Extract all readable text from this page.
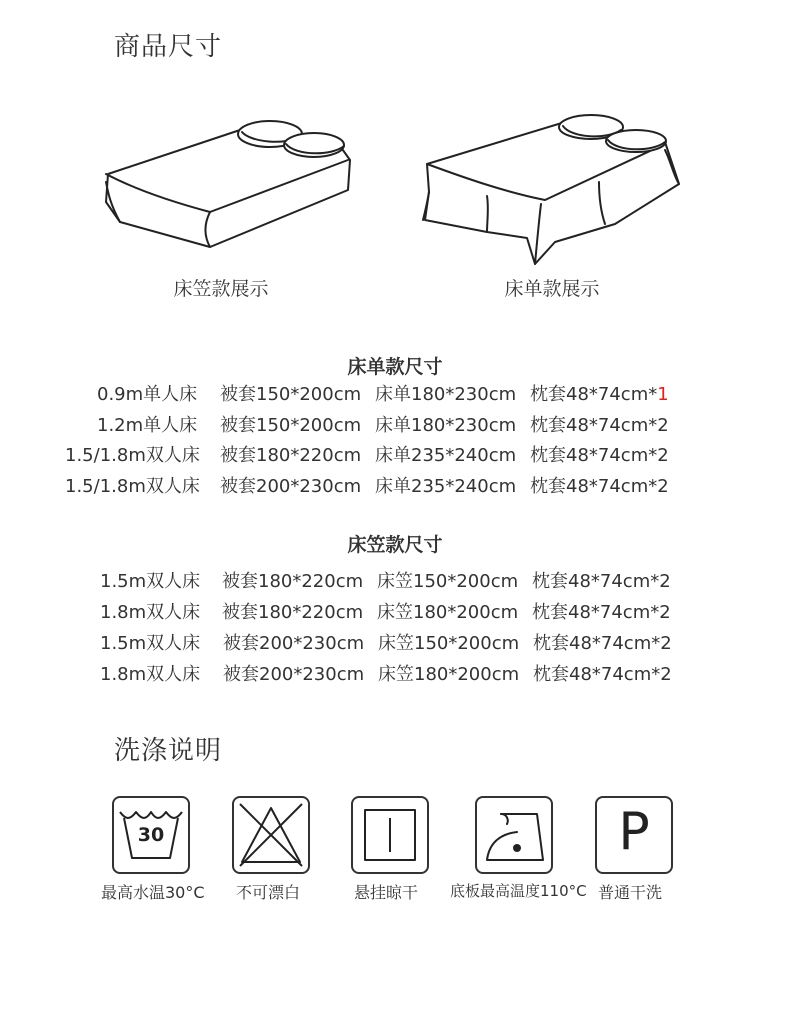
商品尺寸
床笠款展示	床单款展示
床单款尺寸
0.9m单人床 被套150*200cm 床单180*230cm 枕套48*74cm*1
1.2m单人床 被套150*200cm 床单180*230cm 枕套48*74cm*2
1.5/1.8m双人床 被套180*220cm 床单235*240cm 枕套48*74cm*2
1.5/1.8m双人床 被套200*230cm 床单235*240cm 枕套48*74cm*2
床笠款尺寸
1.5m双人床 被套180*220cm 床笠150*200cm 枕套48*74cm*2
1.8m双人床 被套180*220cm 床笠180*200cm 枕套48*74cm*2
1.5m双人床 被套200*230cm 床笠150*200cm 枕套48*74cm*2
1.8m双人床 被套200*230cm 床笠180*200cm 枕套48*74cm*2
洗涤说明
30
最高水温30°C 不可漂白	悬挂晾干 底板最高温度110°C
P
普通干洗
